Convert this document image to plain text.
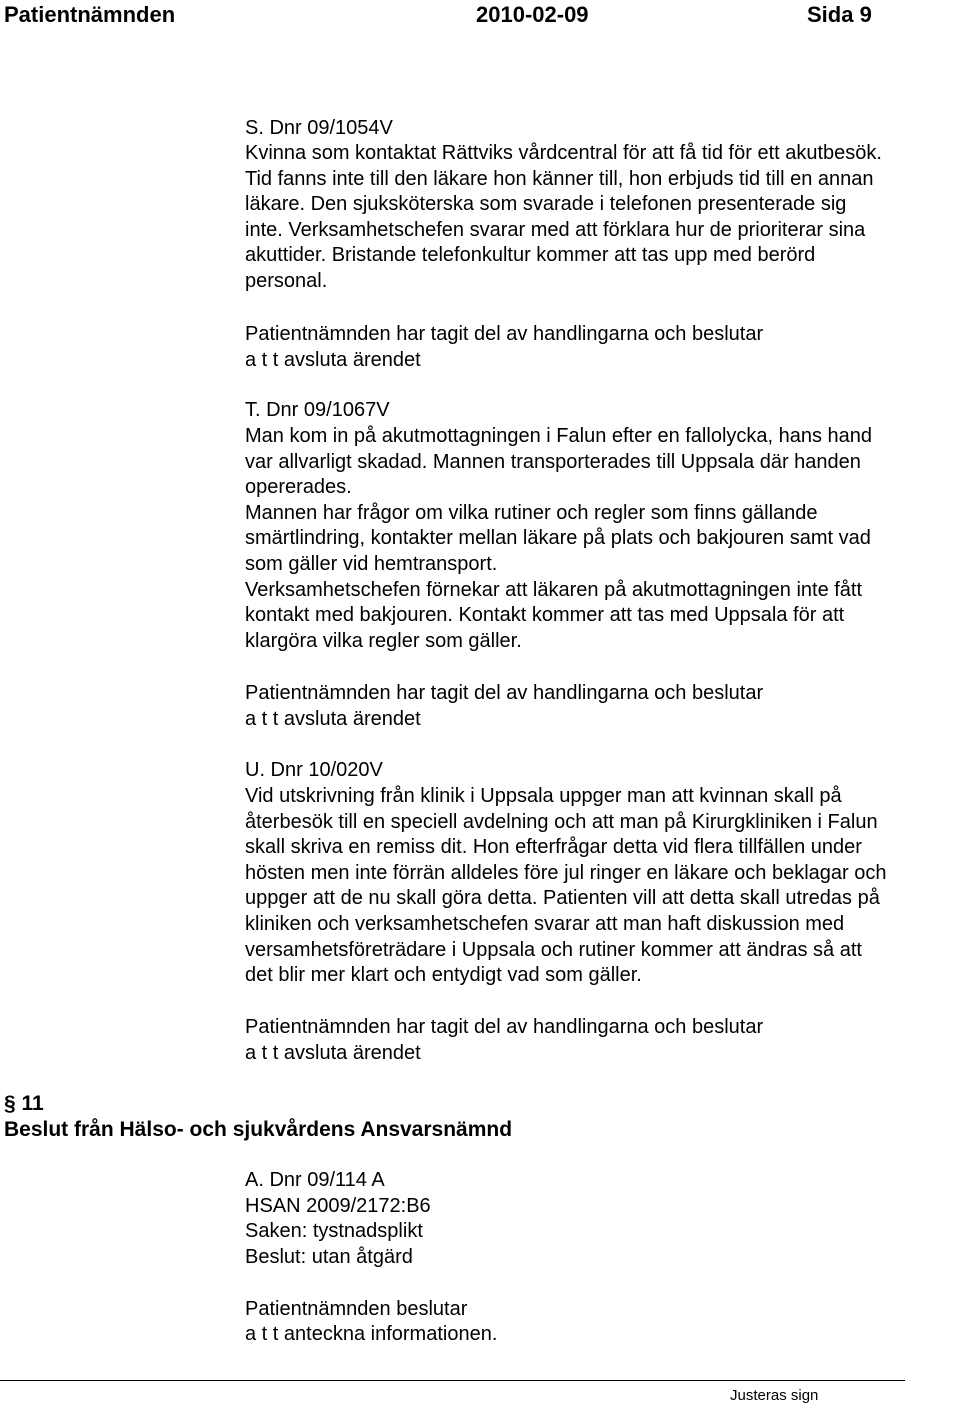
Patientnämnden	2010-02-09	Sida 9
S. Dnr 09/1054V
Kvinna som kontaktat Rättviks vårdcentral för att få tid för ett akutbesök.
Tid fanns inte till den läkare hon känner till, hon erbjuds tid till en annan
läkare. Den sjuksköterska som svarade i telefonen presenterade sig
inte. Verksamhetschefen svarar med att förklara hur de prioriterar sina
akuttider. Bristande telefonkultur kommer att tas upp med berörd
personal.
Patientnämnden har tagit del av handlingarna och beslutar
a t t avsluta ärendet
T. Dnr 09/1067V
Man kom in på akutmottagningen i Falun efter en fallolycka, hans hand
var allvarligt skadad. Mannen transporterades till Uppsala där handen
opererades.
Mannen har frågor om vilka rutiner och regler som finns gällande
smärtlindring, kontakter mellan läkare på plats och bakjouren samt vad
som gäller vid hemtransport.
Verksamhetschefen förnekar att läkaren på akutmottagningen inte fått
kontakt med bakjouren. Kontakt kommer att tas med Uppsala för att
klargöra vilka regler som gäller.
Patientnämnden har tagit del av handlingarna och beslutar
a t t avsluta ärendet
U. Dnr 10/020V
Vid utskrivning från klinik i Uppsala uppger man att kvinnan skall på
återbesök till en speciell avdelning och att man på Kirurgkliniken i Falun
skall skriva en remiss dit. Hon efterfrågar detta vid flera tillfällen under
hösten men inte förrän alldeles före jul ringer en läkare och beklagar och
uppger att de nu skall göra detta. Patienten vill att detta skall utredas på
kliniken och verksamhetschefen svarar att man haft diskussion med
versamhetsföreträdare i Uppsala och rutiner kommer att ändras så att
det blir mer klart och entydigt vad som gäller.
Patientnämnden har tagit del av handlingarna och beslutar
a t t avsluta ärendet
§ 11
Beslut från Hälso- och sjukvårdens Ansvarsnämnd
A. Dnr 09/114 A
HSAN 2009/2172:B6
Saken: tystnadsplikt
Beslut: utan åtgärd
Patientnämnden beslutar
a t t anteckna informationen.
Justeras sign
